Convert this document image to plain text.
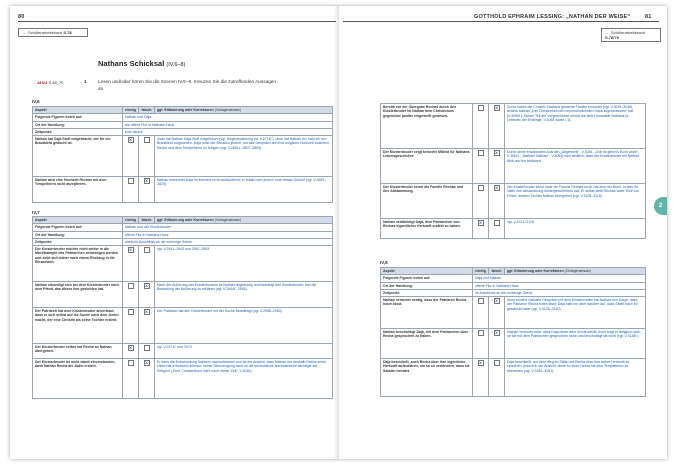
80
→ Schülerarbeitsbuch S.78
→ AH22 S.48_70
Nathans Schicksal (IV,6–8)
1 Lesen und/oder hören Sie die Szenen IV,6–8. Kreuzen Sie die zutreffenden Aussagen an.
IV,6
Aspekt	richtig	falsch	ggf. Erläuterung oder Korrekturen (Vorlagenabsatz)
Folgende Figuren treten auf:	Nathan und Daja		
Ort der Handlung:	die offene Flur in Nathans Haus		
Zeitpunkt:	kurz darauf		
Nathan hat Daja Stoff mitgebracht, der für ein Brautkleid gedacht ist.	X		Zwar hat Nathan Daja Stoff mitgebracht (vgl. Regieanweisung vor V.2774f.), doch hat Nathan ihn nicht für ein Brautkleid vorgesehen. Daja nutzt die Situation jedoch, um das Gespräch auf eine mögliche Hochzeit zwischen Recha und dem Tempelherrn zu bringen (vgl. V.2861f., 2807–2809).
Nathan wird eine Hochzeit Rechas mit dem Tempelherrn nicht akzeptieren.		X	Nathan betrachtet Daja im Moment nicht wohlwollend; er erklärt sich jedoch noch etwas Geduld (vgl. V.2809–2820).
IV,7
Aspekt	richtig	falsch	ggf. Erläuterung oder Korrekturen (Vorlagenabsatz)
Folgende Figuren treten auf:	Nathan und der Klosterbruder		
Ort der Handlung:	offene Flur in Nathans Haus		
Zeitpunkt:	direkt im Anschluss an die vorherige Szene		
Der Klosterbruder möchte nicht weiter in die Machtkämpfe des Patriarchen einbezogen werden und zieht sich daher nach einem Rückzug in die Einsamkeit.	X		vgl. V.2941–2943 und 2951–2953
Nathan erkundigt sich bei dem Klosterbruder nach dem Pfand, das dieser ihm gestohlen hat.		X	Nach der Äußerung des Klosterbruders ist Nathan ungeduldig und bedrängt den Klosterbruder, ihm die Bedeutung der Äußerung zu erklären (vgl. V.2944f., 2954).
Der Patriarch hat dem Klosterbruder anvertraut, dass er sich selbst auf die Suche nach dem Juden macht, der eine Christin als seine Tochter erzieht.		X	Der Patriarch hat den Klosterbruder mit der Suche beauftragt (vgl. V.2958–2963).
Der Klosterbruder selbst hat Recha an Nathan übergeben.	X		vgl. V.2971f. und 2974
Der Klosterbruder ist nicht damit einverstanden, dass Nathan Recha als Jüdin erzieht.		X	Er kann die Entscheidung Nathans nachvollziehen und ist der Ansicht, dass Nathan nur deshalb Recha seine Liebe hat entwickeln können; seiner Überzeugung nach ist die menschliche Nächstenliebe wichtiger als Religion („Eure Christenthum hat's noch immer Zeit“, V.3016).
GOTTHOLD EPHRAIM LESSING: „NATHAN DER WEISE“	81
→ Schülerarbeitsbuch
S.78/79
2
Bereits vor der Übergabe Rechas durch den Klosterbruder ist Nathan dem Christentum gegenüber positiv eingestellt gewesen.		X	Zuvor haben die Christen Nathans gesamte Familie ermordet (vgl. V.3039–3046), andere Nathan „Der Christenheit den unversöhnlichsten Hass zugeschworen“ hat (V.3050f.). Dieser Teil der Vorgeschichte erhöht die tiefe Humanität Nathans (s. Leitmotiv der Erstlinge, V.3064 sowie I,1).
Der Klosterbruder zeigt keinerlei Mitleid für Nathans Lebensgeschichte.		X	Durch seine emotionalen Ausrufe („Allgerecht!“, V.3046, „Gott ist gleich's Euch wohl!“, V.3061f., „Nathan! Nathan!“, V.3064) wird deutlich, dass der Klosterbruder mit Nathan fühlt und ihn bedauert.
Der Klosterbruder kennt die Familie Rechas und ihre Abstammung.		X	Der Klosterbruder kennt zwar die Familie Rechas nicht, hat aber ein Buch, in dem ihr Vater ihre Abstammung niedergeschrieben hat. Er selbst stellt Rechas Vater Wolf von Filnek, dessen Tochter Nathan übergeben (vgl. V.3109–3115).
Nathan verdächtigt Daja, dem Patriarchen von Rechas eigentlicher Herkunft erzählt zu haben.	X		vgl. V.3121–3125
IV,8
Aspekt	richtig	falsch	ggf. Erläuterung oder Korrekturen (Vorlagenabsatz)
Folgende Figuren treten auf:	Daja und Nathan		
Ort der Handlung:	offene Flur in Nathans Haus		
Zeitpunkt:	im Anschluss an die vorherige Szene		
Nathan vermutet richtig, dass der Patriarch Recha holen lässt.		X	Noch scheint Nathans Gespräch mit dem Klosterbruder hat Nathan nun Sorge, dass der Patriarch Recha holen lässt; Daja klärt ihn aber darüber auf, dass Sittah nach ihr geschickt habe (vgl. V.3126–3130).
Nathan beschuldigt Daja, mit dem Patriarchen über Recha gesprochen zu haben.		X	Nathan vermutet zwar, dass Daja hinter dem Verrat steckt, doch fragt er lediglich nach, ob sie mit dem Patriarchen gesprochen habe und beschuldigt sie nicht (vgl. V.3138f.).
Daja beschließt, auch Recha über ihre eigentliche Herkunft aufzuklären, um so zu verhindern, dass sie Saladin heiratet.	X		Daja beschließt, auf dem Weg zu Sittah mit Recha über ihre wahre Herkunft zu sprechen, jedoch in der Absicht, diese so einer Heirat mit dem Tempelherrn zu überreden (vgl. V.3159–3161).
